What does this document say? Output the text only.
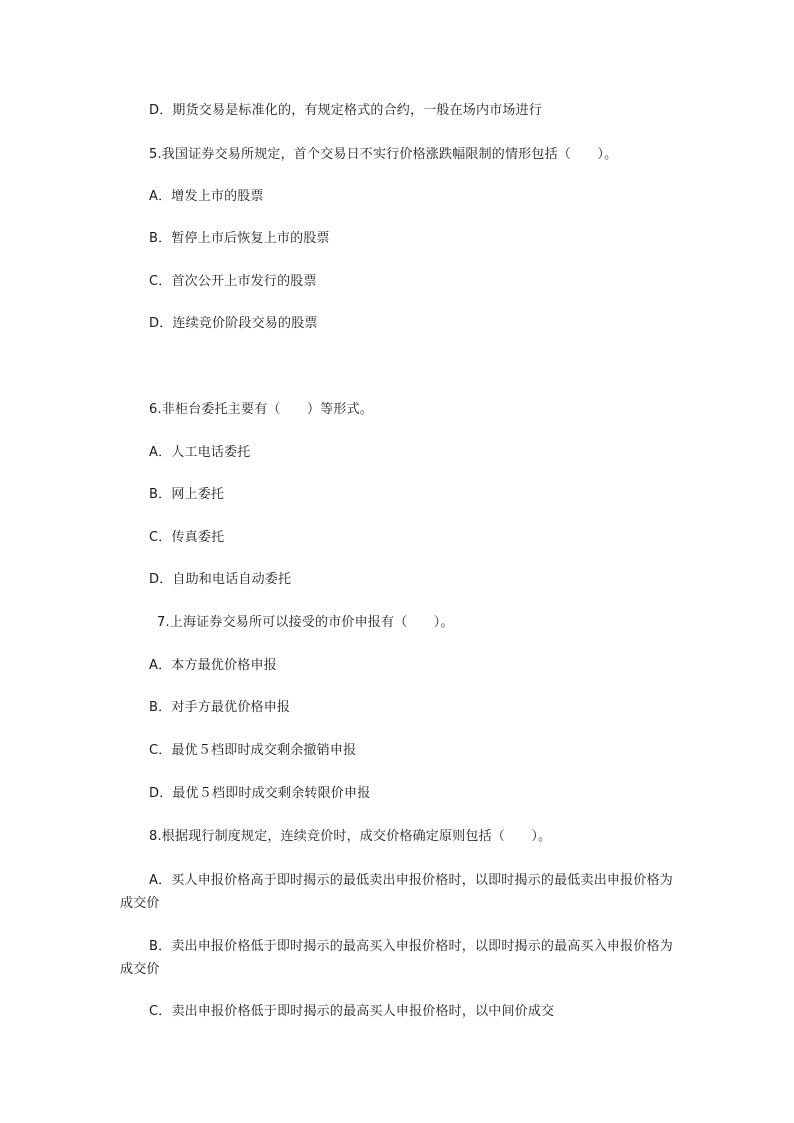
D．期货交易是标准化的，有规定格式的合约，一般在场内市场进行
5.我国证券交易所规定，首个交易日不实行价格涨跌幅限制的情形包括（　　）。
A．增发上市的股票
B．暂停上市后恢复上市的股票
C．首次公开上市发行的股票
D．连续竞价阶段交易的股票
6.非柜台委托主要有（　　）等形式。
A．人工电话委托
B．网上委托
C．传真委托
D．自助和电话自动委托
7.上海证券交易所可以接受的市价申报有（　　）。
A．本方最优价格申报
B．对手方最优价格申报
C．最优５档即时成交剩余撤销申报
D．最优５档即时成交剩余转限价申报
8.根据现行制度规定，连续竞价时，成交价格确定原则包括（　　）。
A．买人申报价格高于即时揭示的最低卖出申报价格时，以即时揭示的最低卖出申报价格为成交价
B．卖出申报价格低于即时揭示的最高买入申报价格时，以即时揭示的最高买入申报价格为成交价
C．卖出申报价格低于即时揭示的最高买人申报价格时，以中间价成交
